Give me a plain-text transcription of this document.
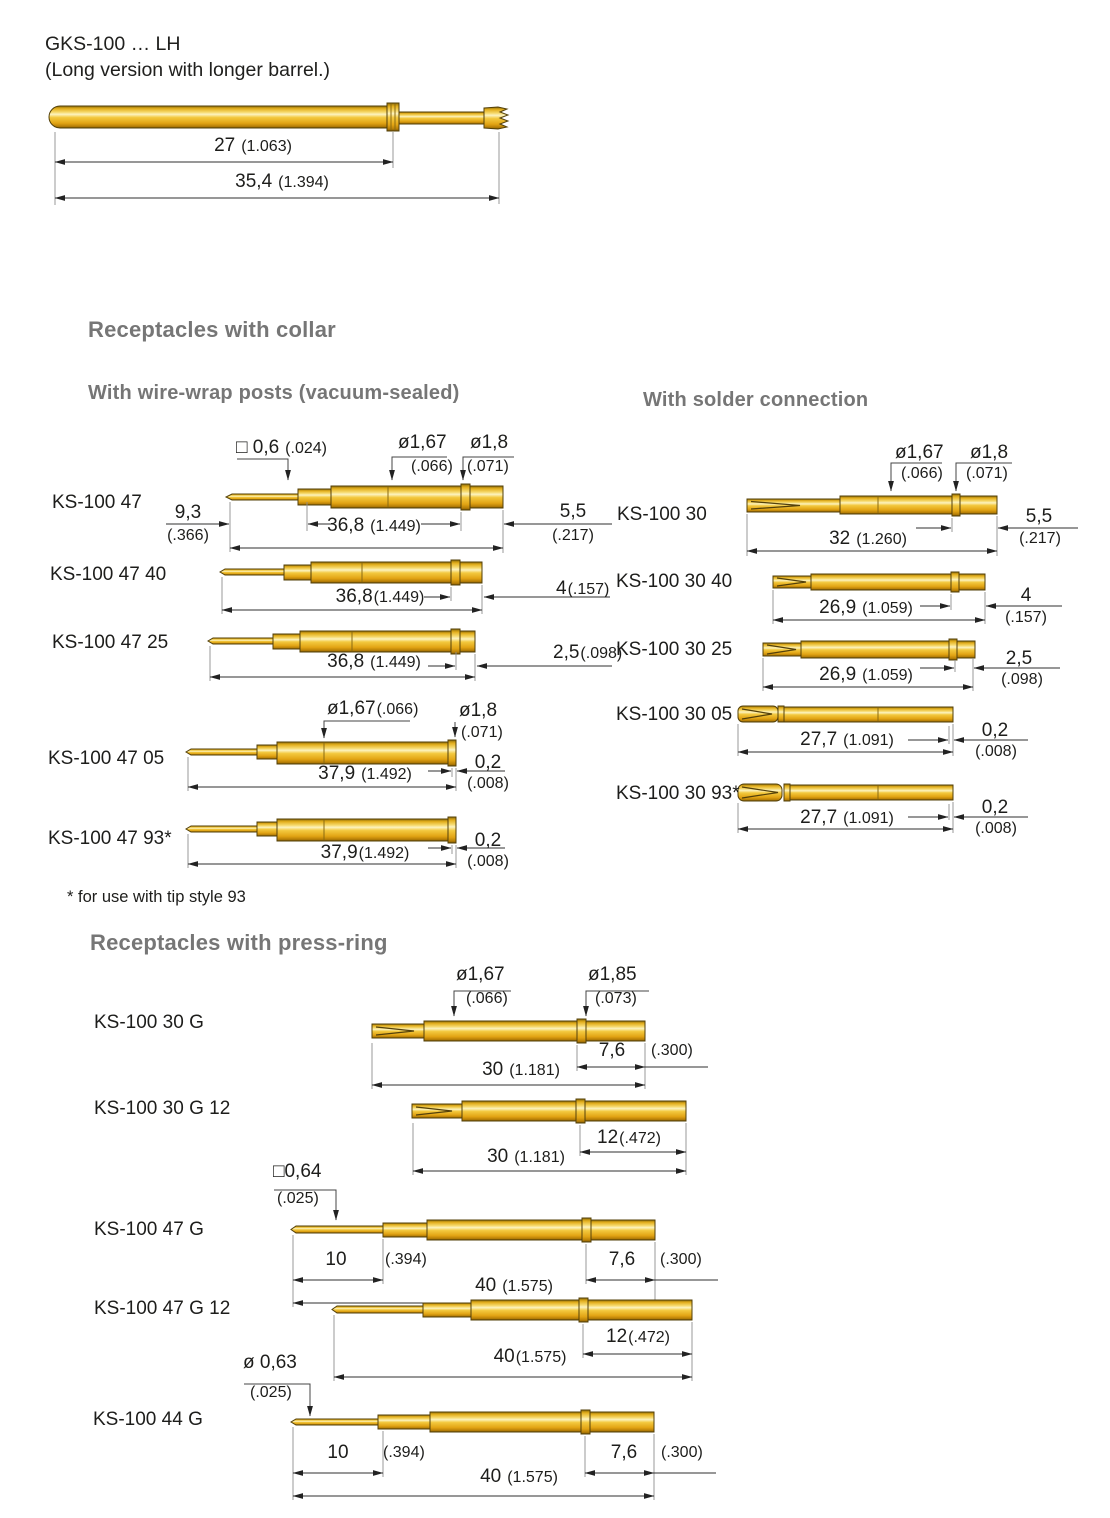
GKS-100 … LH
(Long version with longer barrel.)
27 (1.063)
35,4 (1.394)
Receptacles with collar
With wire-wrap posts (vacuum-sealed)	With solder connection
* for use with tip style 93
Receptacles with press-ring
KS-100 47
□ 0,6 (.024)	ø1,67
(.066)
ø1,8
(.071)
9,3
(.366)	36,8 (1.449)
5,5
(.217)
KS-100 47 40
36,8(1.449)	4(.157)
KS-100 47 25
36,8 (1.449)	2,5(.098)
KS-100 47 05
ø1,67(.066) ø1,8
(.071)
37,9 (1.492)
0,2
(.008)
KS-100 47 93*
37,9(1.492)
0,2
(.008)
KS-100 30
ø1,67
(.066)
ø1,8
(.071)
32 (1.260)
5,5
(.217)
KS-100 30 40
26,9 (1.059)
4
(.157)
KS-100 30 25
26,9 (1.059)
2,5
(.098)
KS-100 30 05
27,7 (1.091)	0,2
(.008)
KS-100 30 93*
27,7 (1.091)
0,2
(.008)
KS-100 30 G
ø1,67
(.066)
ø1,85
(.073)
30 (1.181)
7,6 (.300)
KS-100 30 G 12
30 (1.181)
12(.472)
□0,64
(.025)
KS-100 47 G
10 (.394)
40 (1.575)
7,6 (.300)
KS-100 47 G 12
40(1.575)
12(.472)
ø 0,63
(.025)
KS-100 44 G
10 (.394)
40 (1.575)
7,6 (.300)
